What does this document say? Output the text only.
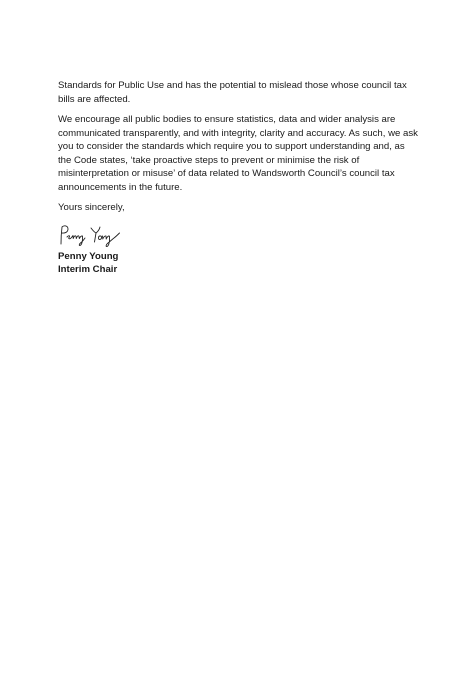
Standards for Public Use and has the potential to mislead those whose council tax bills are affected.

We encourage all public bodies to ensure statistics, data and wider analysis are communicated transparently, and with integrity, clarity and accuracy. As such, we ask you to consider the standards which require you to support understanding and, as the Code states, ‘take proactive steps to prevent or minimise the risk of misinterpretation or misuse’ of data related to Wandsworth Council’s council tax announcements in the future.

Yours sincerely,

Penny Young
Interim Chair
